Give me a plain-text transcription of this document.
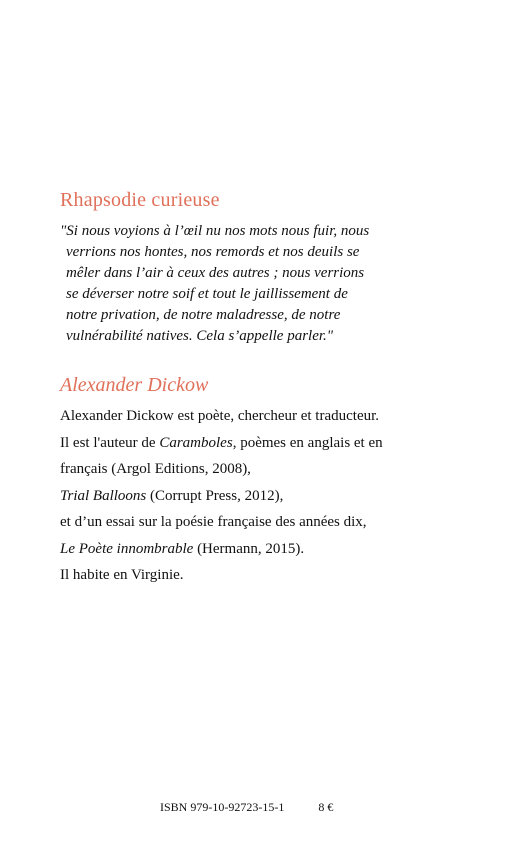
Rhapsodie curieuse
"Si nous voyions à l’œil nu nos mots nous fuir, nous
verrions nos hontes, nos remords et nos deuils se
mêler dans l’air à ceux des autres ; nous verrions
se déverser notre soif et tout le jaillissement de
notre privation, de notre maladresse, de notre
vulnérabilité natives. Cela s’appelle parler."
Alexander Dickow
Alexander Dickow est poète, chercheur et traducteur.
Il est l'auteur de Caramboles, poèmes en anglais et en
français (Argol Editions, 2008),
Trial Balloons (Corrupt Press, 2012),
et d’un essai sur la poésie française des années dix,
Le Poète innombrable (Hermann, 2015).
Il habite en Virginie.
ISBN 979-10-92723-15-1	8 €
